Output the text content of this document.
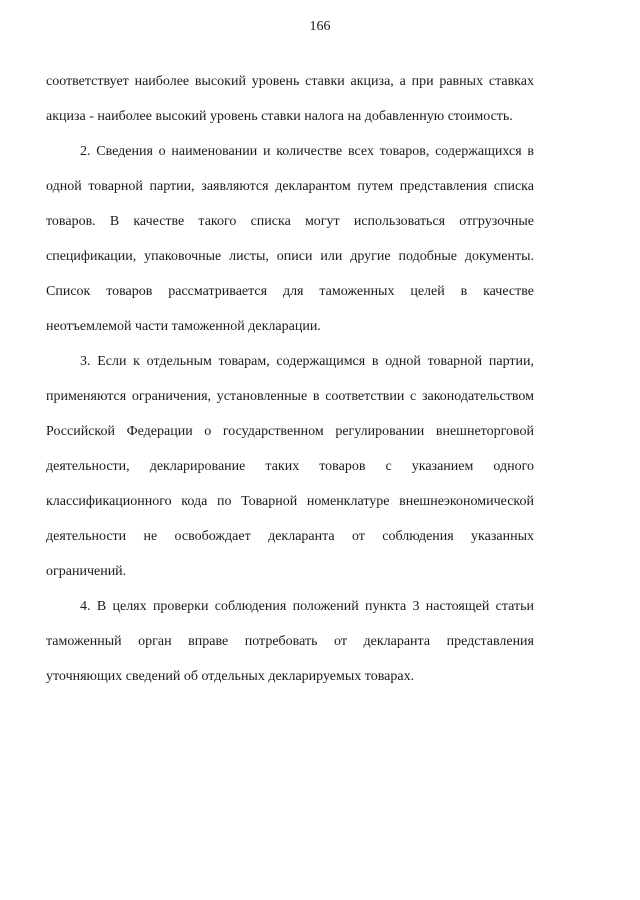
166

соответствует наиболее высокий уровень ставки акциза, а при равных ставках акциза - наиболее высокий уровень ставки налога на добавленную стоимость.

2. Сведения о наименовании и количестве всех товаров, содержащихся в одной товарной партии, заявляются декларантом путем представления списка товаров. В качестве такого списка могут использоваться отгрузочные спецификации, упаковочные листы, описи или другие подобные документы. Список товаров рассматривается для таможенных целей в качестве неотъемлемой части таможенной декларации.

3. Если к отдельным товарам, содержащимся в одной товарной партии, применяются ограничения, установленные в соответствии с законодательством Российской Федерации о государственном регулировании внешнеторговой деятельности, декларирование таких товаров с указанием одного классификационного кода по Товарной номенклатуре внешнеэкономической деятельности не освобождает декларанта от соблюдения указанных ограничений.

4. В целях проверки соблюдения положений пункта 3 настоящей статьи таможенный орган вправе потребовать от декларанта представления уточняющих сведений об отдельных декларируемых товарах.
